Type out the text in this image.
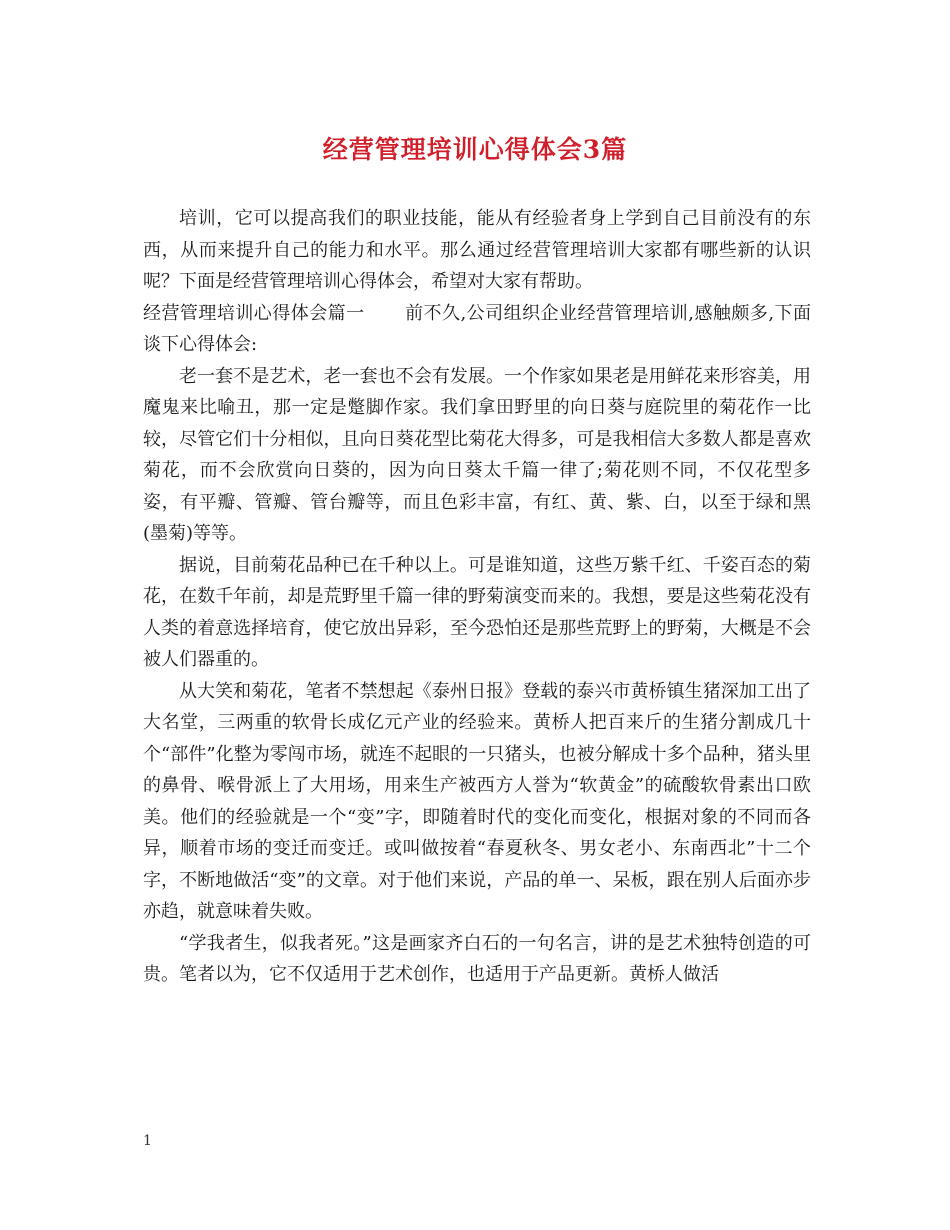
经营管理培训心得体会3篇

培训，它可以提高我们的职业技能，能从有经验者身上学到自己目前没有的东西，从而来提升自己的能力和水平。那么通过经营管理培训大家都有哪些新的认识呢？下面是经营管理培训心得体会，希望对大家有帮助。

经营管理培训心得体会篇一 前不久,公司组织企业经营管理培训,感触颇多,下面谈下心得体会:

老一套不是艺术，老一套也不会有发展。一个作家如果老是用鲜花来形容美，用魔鬼来比喻丑，那一定是蹩脚作家。我们拿田野里的向日葵与庭院里的菊花作一比较，尽管它们十分相似，且向日葵花型比菊花大得多，可是我相信大多数人都是喜欢菊花，而不会欣赏向日葵的，因为向日葵太千篇一律了;菊花则不同，不仅花型多姿，有平瓣、管瓣、管台瓣等，而且色彩丰富，有红、黄、紫、白，以至于绿和黑(墨菊)等等。

据说，目前菊花品种已在千种以上。可是谁知道，这些万紫千红、千姿百态的菊花，在数千年前，却是荒野里千篇一律的野菊演变而来的。我想，要是这些菊花没有人类的着意选择培育，使它放出异彩，至今恐怕还是那些荒野上的野菊，大概是不会被人们器重的。

从大笑和菊花，笔者不禁想起《泰州日报》登载的泰兴市黄桥镇生猪深加工出了大名堂，三两重的软骨长成亿元产业的经验来。黄桥人把百来斤的生猪分割成几十个“部件”化整为零闯市场，就连不起眼的一只猪头，也被分解成十多个品种，猪头里的鼻骨、喉骨派上了大用场，用来生产被西方人誉为“软黄金”的硫酸软骨素出口欧美。他们的经验就是一个“变”字，即随着时代的变化而变化，根据对象的不同而各异，顺着市场的变迁而变迁。或叫做按着“春夏秋冬、男女老小、东南西北”十二个字，不断地做活“变”的文章。对于他们来说，产品的单一、呆板，跟在别人后面亦步亦趋，就意味着失败。

“学我者生，似我者死。”这是画家齐白石的一句名言，讲的是艺术独特创造的可贵。笔者以为，它不仅适用于艺术创作，也适用于产品更新。黄桥人做活

1
